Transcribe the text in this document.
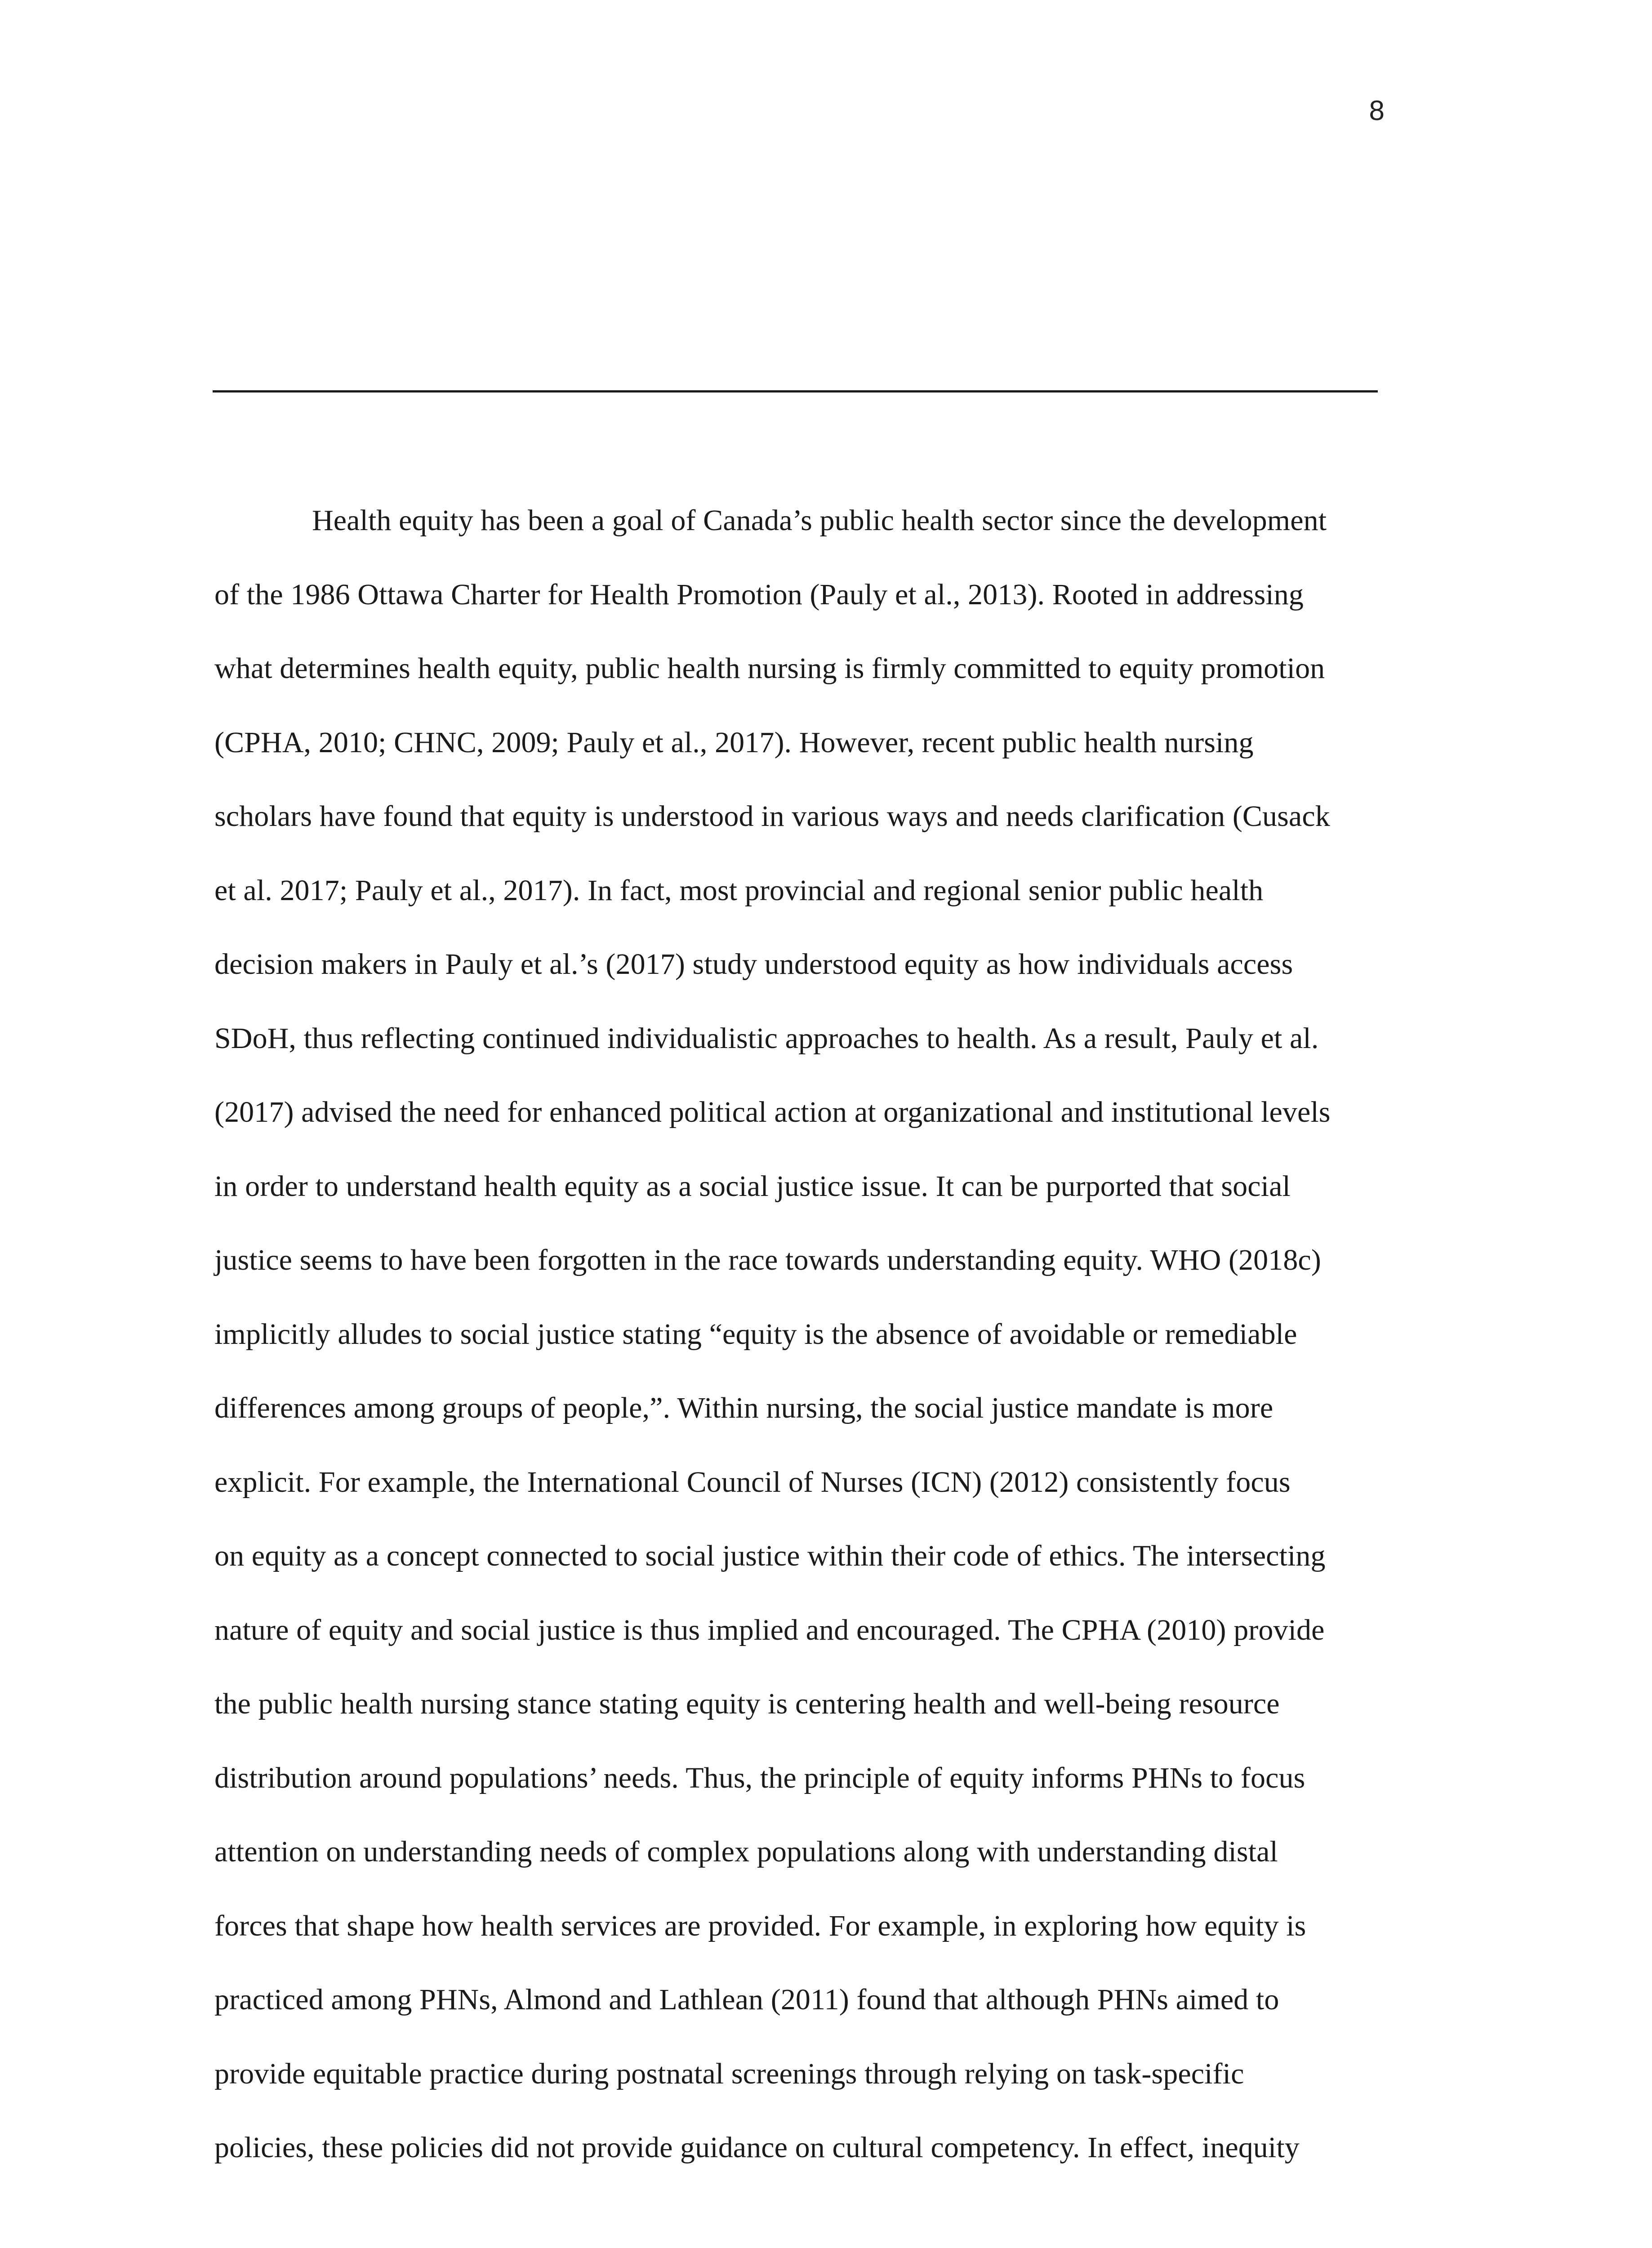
8
Health equity has been a goal of Canada’s public health sector since the development
of the 1986 Ottawa Charter for Health Promotion (Pauly et al., 2013). Rooted in addressing
what determines health equity, public health nursing is firmly committed to equity promotion
(CPHA, 2010; CHNC, 2009; Pauly et al., 2017). However, recent public health nursing
scholars have found that equity is understood in various ways and needs clarification (Cusack
et al. 2017; Pauly et al., 2017). In fact, most provincial and regional senior public health
decision makers in Pauly et al.’s (2017) study understood equity as how individuals access
SDoH, thus reflecting continued individualistic approaches to health. As a result, Pauly et al.
(2017) advised the need for enhanced political action at organizational and institutional levels
in order to understand health equity as a social justice issue. It can be purported that social
justice seems to have been forgotten in the race towards understanding equity. WHO (2018c)
implicitly alludes to social justice stating “equity is the absence of avoidable or remediable
differences among groups of people,”. Within nursing, the social justice mandate is more
explicit. For example, the International Council of Nurses (ICN) (2012) consistently focus
on equity as a concept connected to social justice within their code of ethics. The intersecting
nature of equity and social justice is thus implied and encouraged. The CPHA (2010) provide
the public health nursing stance stating equity is centering health and well-being resource
distribution around populations’ needs. Thus, the principle of equity informs PHNs to focus
attention on understanding needs of complex populations along with understanding distal
forces that shape how health services are provided. For example, in exploring how equity is
practiced among PHNs, Almond and Lathlean (2011) found that although PHNs aimed to
provide equitable practice during postnatal screenings through relying on task-specific
policies, these policies did not provide guidance on cultural competency. In effect, inequity
